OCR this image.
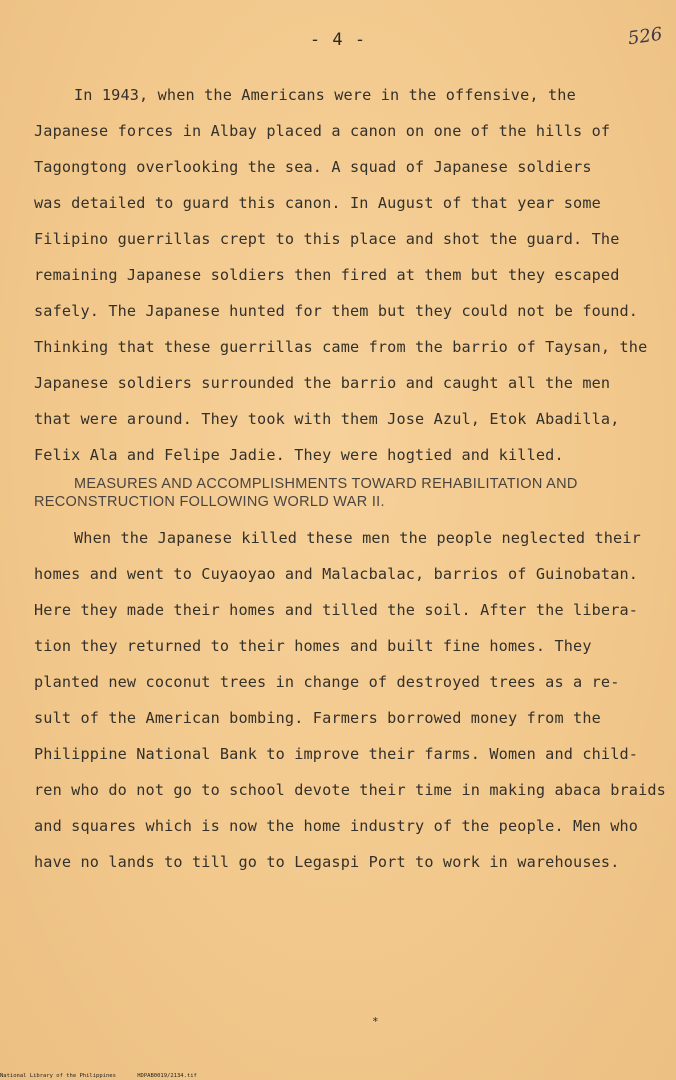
- 4 -	526
In 1943, when the Americans were in the offensive, the
Japanese forces in Albay placed a canon on one of the hills of
Tagongtong overlooking the sea. A squad of Japanese soldiers
was detailed to guard this canon. In August of that year some
Filipino guerrillas crept to this place and shot the guard. The
remaining Japanese soldiers then fired at them but they escaped
safely. The Japanese hunted for them but they could not be found.
Thinking that these guerrillas came from the barrio of Taysan, the
Japanese soldiers surrounded the barrio and caught all the men
that were around. They took with them Jose Azul, Etok Abadilla,
Felix Ala and Felipe Jadie. They were hogtied and killed.
MEASURES AND ACCOMPLISHMENTS TOWARD REHABILITATION AND
RECONSTRUCTION FOLLOWING WORLD WAR II.
When the Japanese killed these men the people neglected their
homes and went to Cuyaoyao and Malacbalac, barrios of Guinobatan.
Here they made their homes and tilled the soil. After the libera-
tion they returned to their homes and built fine homes. They
planted new coconut trees in change of destroyed trees as a re-
sult of the American bombing. Farmers borrowed money from the
Philippine National Bank to improve their farms. Women and child-
ren who do not go to school devote their time in making abaca braids
and squares which is now the home industry of the people. Men who
have no lands to till go to Legaspi Port to work in warehouses.
*
National Library of the Philippines	HDPAB0019/2134.tif
